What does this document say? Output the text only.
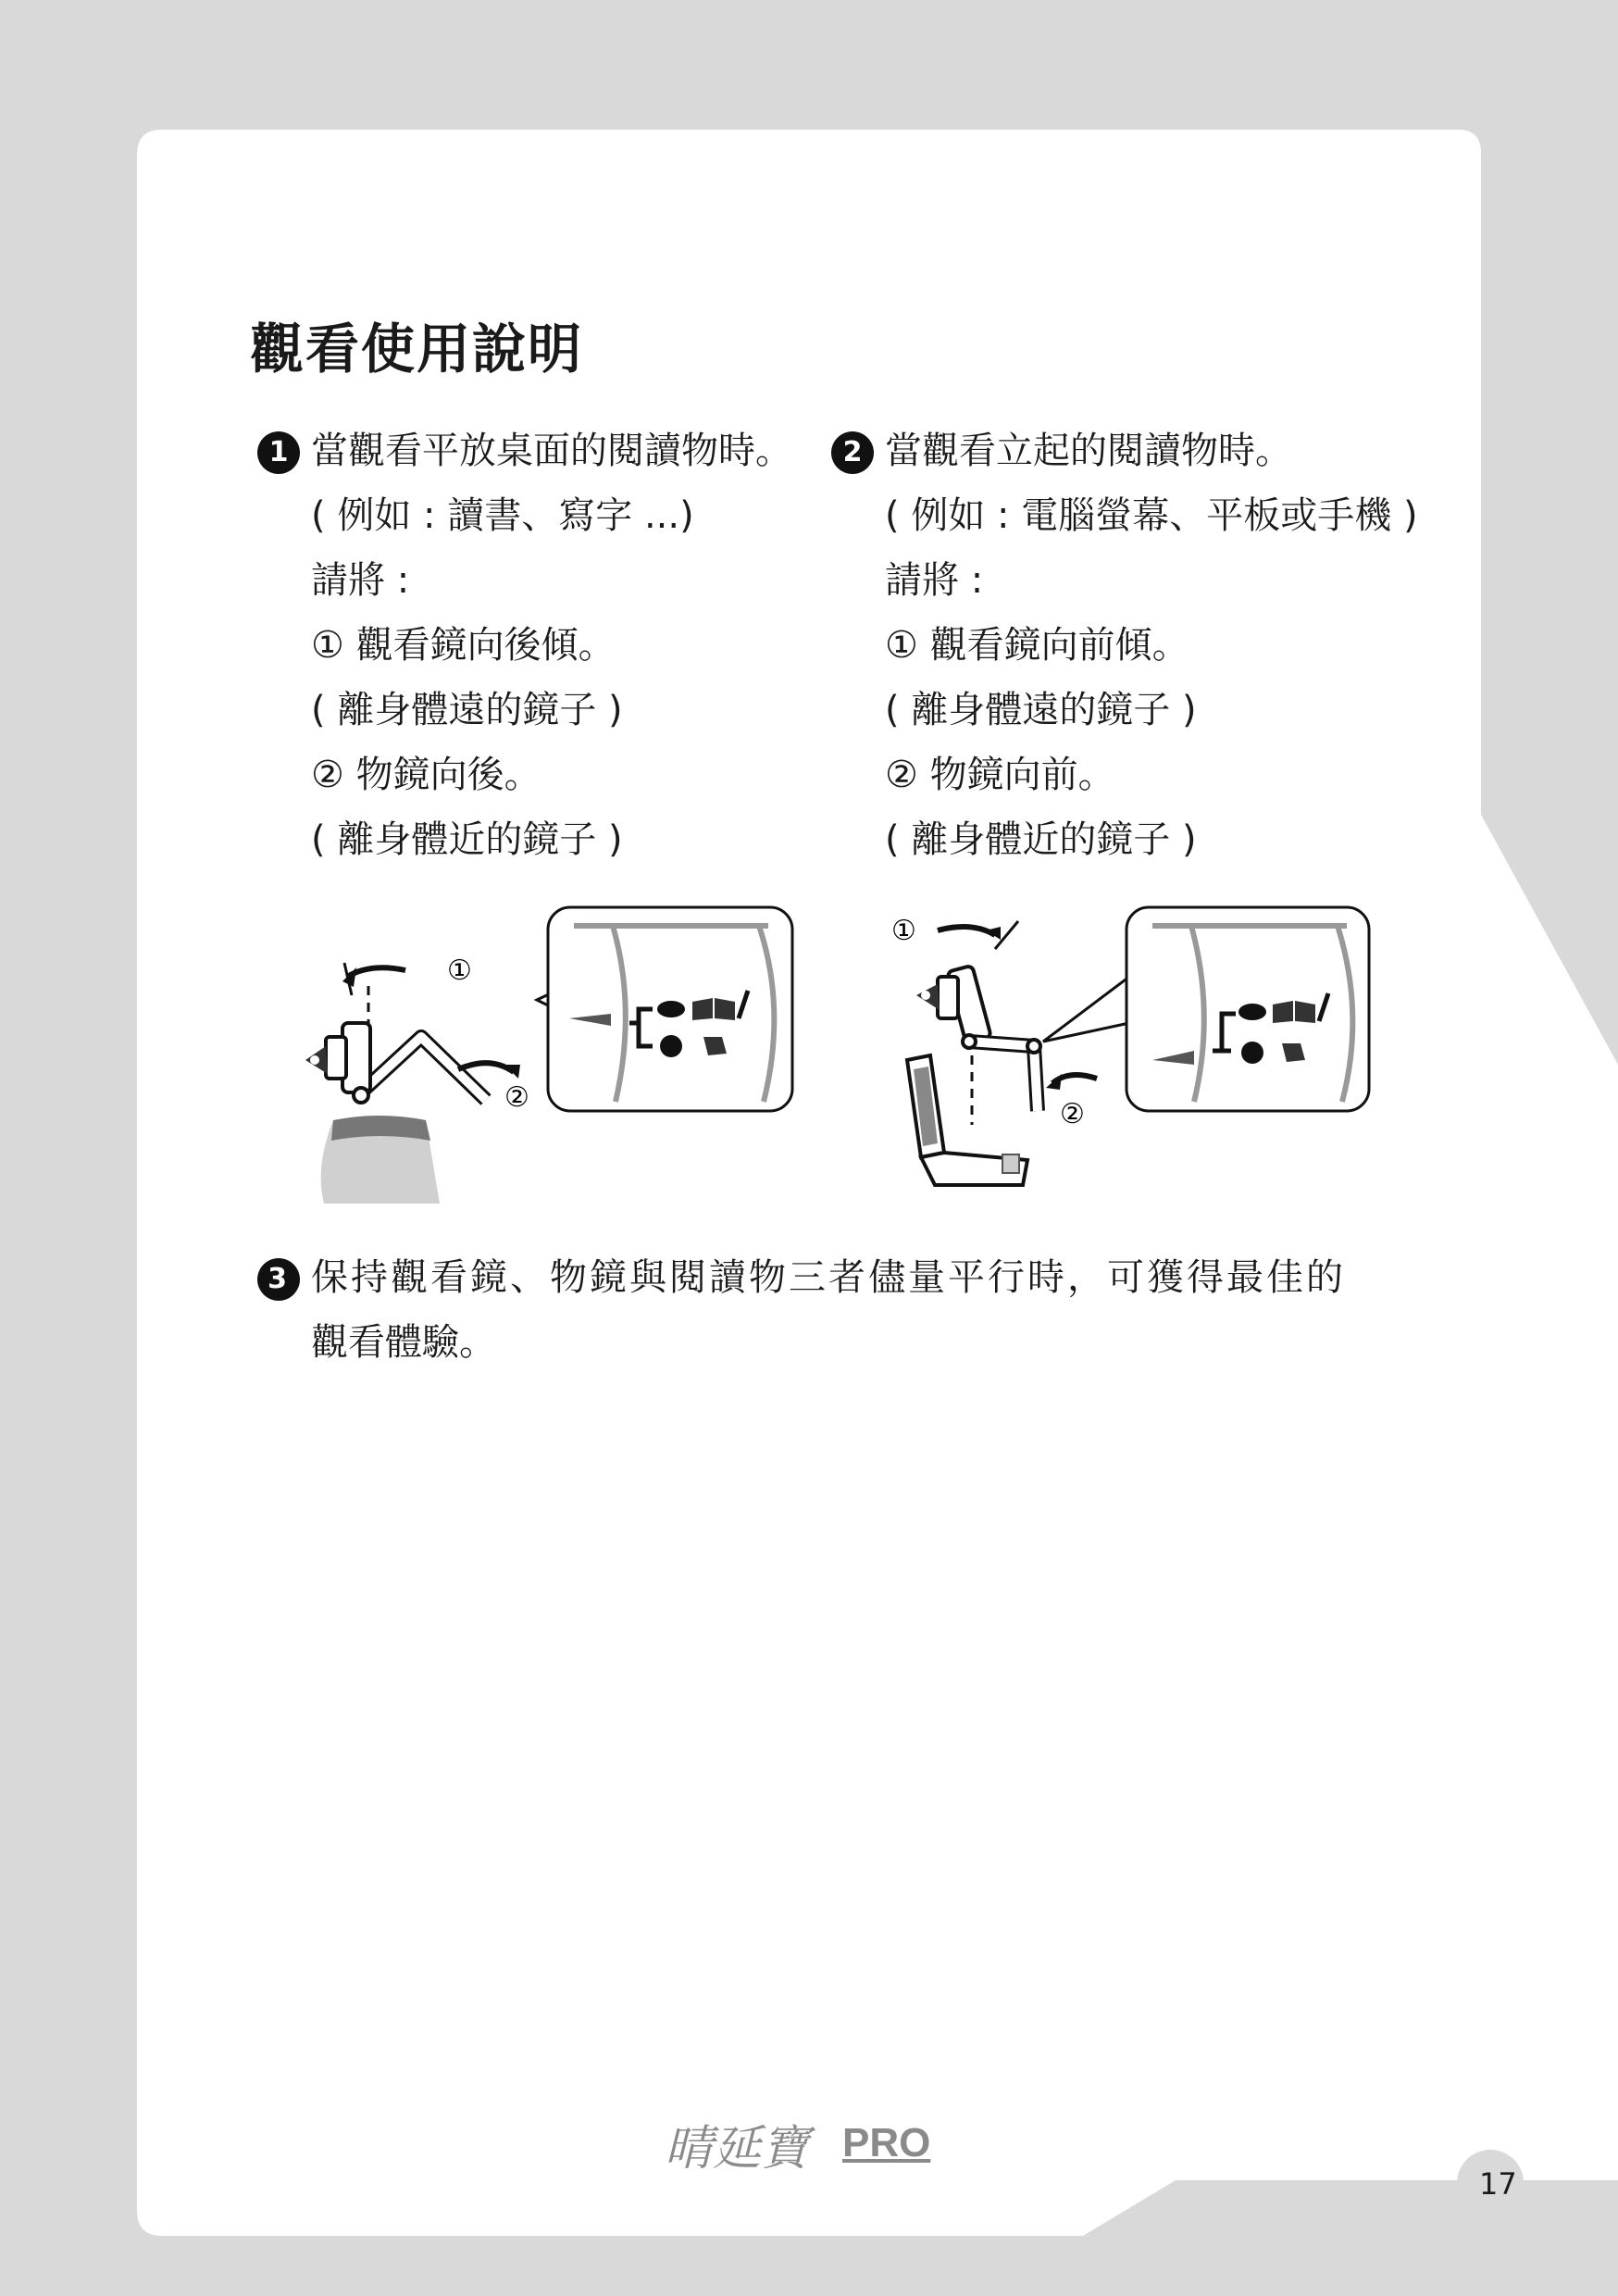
觀看使用說明
1 當觀看平放桌面的閱讀物時。
( 例如 : 讀書、寫字 ...)
請將 :
① 觀看鏡向後傾。
( 離身體遠的鏡子 )
② 物鏡向後。
( 離身體近的鏡子 )
2 當觀看立起的閱讀物時。
( 例如 : 電腦螢幕、平板或手機 )
請將 :
① 觀看鏡向前傾。
( 離身體遠的鏡子 )
② 物鏡向前。
( 離身體近的鏡子 )
①
②
①
②
3 保持觀看鏡、物鏡與閱讀物三者儘量平行時，可獲得最佳的
觀看體驗。
晴延寶 PRO
17
